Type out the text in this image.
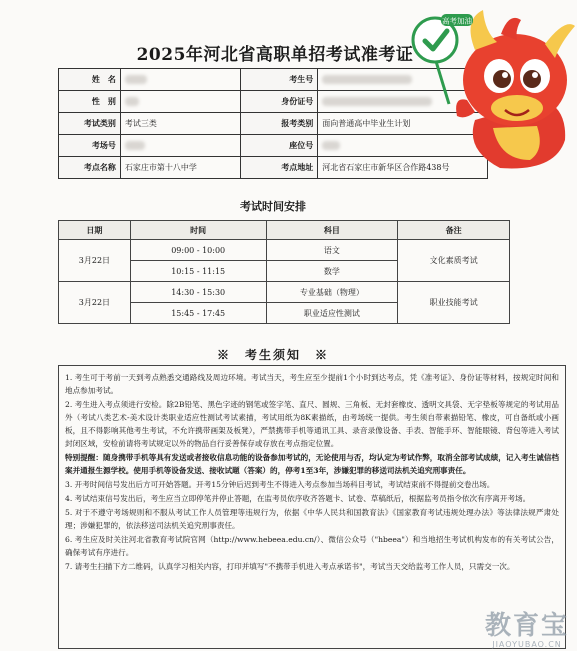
2025年河北省高职单招考试准考证
姓　名		考生号	
性　别		身份证号	
考试类别	考试三类	报考类别	面向普通高中毕业生计划
考场号		座位号	
考点名称	石家庄市第十八中学	考点地址	河北省石家庄市新华区合作路438号
考试时间安排
日期	时间	科目	备注
3月22日	09:00 - 10:00	语文	文化素质考试
	10:15 - 11:15	数学	
3月22日	14:30 - 15:30	专业基础（物理）	职业技能考试
	15:45 - 17:45	职业适应性测试	
※　考生须知　※

1. 考生可于考前一天到考点熟悉交通路线及周边环境。考试当天，考生应至少提前1个小时到达考点，凭《准考证》、身份证等材料，按规定时间和地点参加考试。

2. 考生进入考点须进行安检。除2B铅笔、黑色字迹的钢笔或签字笔、直尺、圆规、三角板、无封套橡皮、透明文具袋、无字垫板等规定的考试用品外（考试八类艺术-美术设计类职业适应性测试考试素描，考试用纸为8K素描纸，由考场统一提供。考生须自带素描铅笔、橡皮，可自备纸或小画板，且不得影响其他考生考试，不允许携带画架及板凳），严禁携带手机等通讯工具、录音录像设备、手表、智能手环、智能眼镜、背包等进入考试封闭区域，安检前请将考试规定以外的物品自行妥善保存或存放在考点指定位置。

特别提醒：随身携带手机等具有发送或者接收信息功能的设备参加考试的，无论使用与否，均认定为考试作弊，取消全部考试成绩，记入考生诚信档案并通报生源学校。使用手机等设备发送、接收试题（答案）的，停考1至3年，涉嫌犯罪的移送司法机关追究刑事责任。

3. 开考时间信号发出后方可开始答题。开考15分钟后迟到考生不得进入考点参加当场科目考试，考试结束前不得提前交卷出场。

4. 考试结束信号发出后，考生应当立即停笔并停止答题，在监考员依序收齐答题卡、试卷、草稿纸后，根据监考员指令依次有序离开考场。

5. 对于不遵守考场规则和不服从考试工作人员管理等违规行为，依据《中华人民共和国教育法》《国家教育考试违规处理办法》等法律法规严肃处理；涉嫌犯罪的，依法移送司法机关追究刑事责任。

6. 考生应及时关注河北省教育考试院官网（http://www.hebeea.edu.cn/）、微信公众号（"hbeea"）和当地招生考试机构发布的有关考试公告，确保考试有序进行。

7. 请考生扫描下方二维码，认真学习相关内容，打印并填写"不携带手机进入考点承诺书"，考试当天交给监考工作人员，只需交一次。

高考加油
教育宝
JIAOYUBAO.CN
